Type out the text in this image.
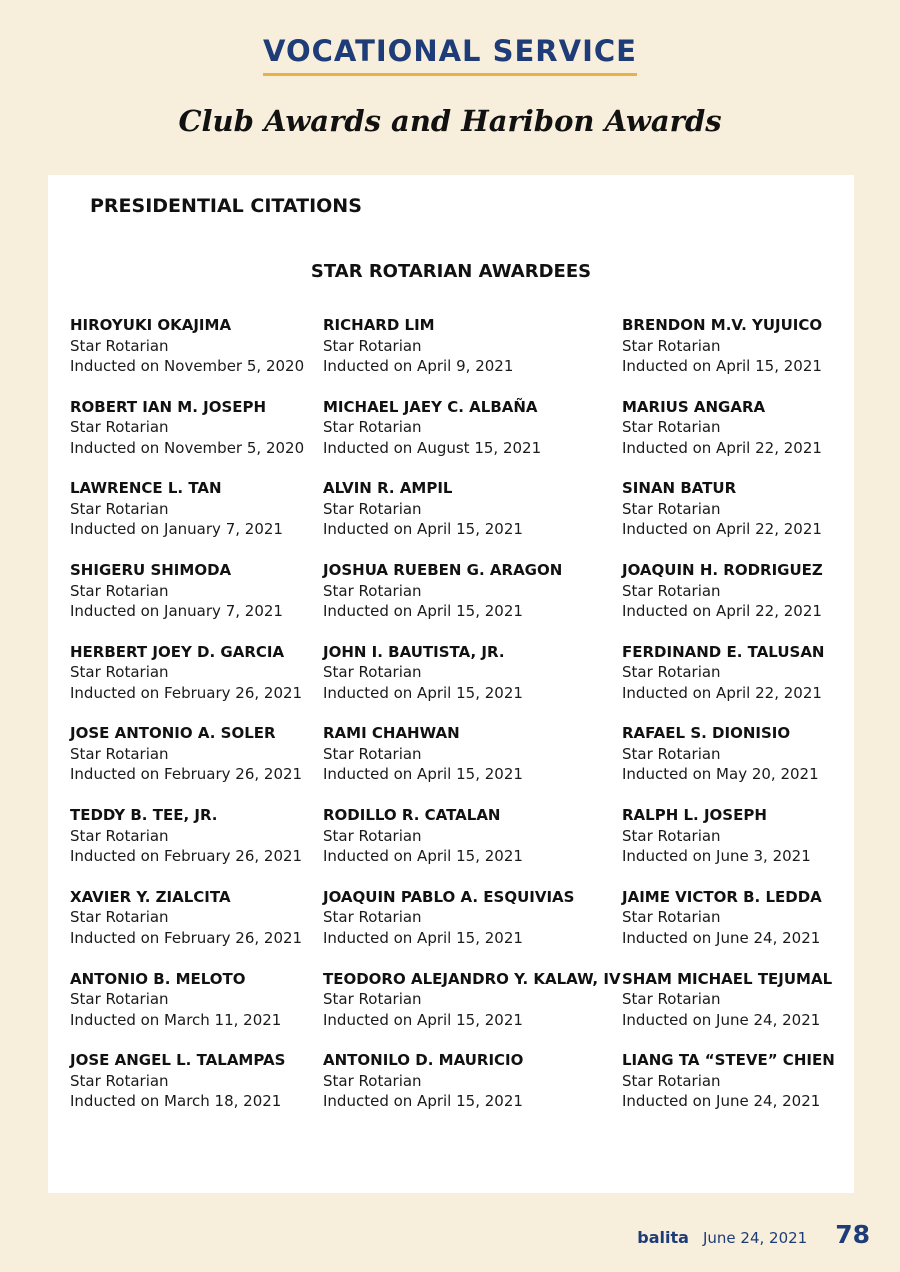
VOCATIONAL SERVICE
Club Awards and Haribon Awards
PRESIDENTIAL CITATIONS
STAR ROTARIAN AWARDEES
HIROYUKI OKAJIMA
Star Rotarian
Inducted on November 5, 2020
ROBERT IAN M. JOSEPH
Star Rotarian
Inducted on November 5, 2020
LAWRENCE L. TAN
Star Rotarian
Inducted on January 7, 2021
SHIGERU SHIMODA
Star Rotarian
Inducted on January 7, 2021
HERBERT JOEY D. GARCIA
Star Rotarian
Inducted on February 26, 2021
JOSE ANTONIO A. SOLER
Star Rotarian
Inducted on February 26, 2021
TEDDY B. TEE, JR.
Star Rotarian
Inducted on February 26, 2021
XAVIER Y. ZIALCITA
Star Rotarian
Inducted on February 26, 2021
ANTONIO B. MELOTO
Star Rotarian
Inducted on March 11, 2021
JOSE ANGEL L. TALAMPAS
Star Rotarian
Inducted on March 18, 2021
RICHARD LIM
Star Rotarian
Inducted on April 9, 2021
MICHAEL JAEY C. ALBAÑA
Star Rotarian
Inducted on August 15, 2021
ALVIN R. AMPIL
Star Rotarian
Inducted on April 15, 2021
JOSHUA RUEBEN G. ARAGON
Star Rotarian
Inducted on April 15, 2021
JOHN I. BAUTISTA, JR.
Star Rotarian
Inducted on April 15, 2021
RAMI CHAHWAN
Star Rotarian
Inducted on April 15, 2021
RODILLO R. CATALAN
Star Rotarian
Inducted on April 15, 2021
JOAQUIN PABLO A. ESQUIVIAS
Star Rotarian
Inducted on April 15, 2021
TEODORO ALEJANDRO Y. KALAW, IV
Star Rotarian
Inducted on April 15, 2021
ANTONILO D. MAURICIO
Star Rotarian
Inducted on April 15, 2021
BRENDON M.V. YUJUICO
Star Rotarian
Inducted on April 15, 2021
MARIUS ANGARA
Star Rotarian
Inducted on April 22, 2021
SINAN BATUR
Star Rotarian
Inducted on April 22, 2021
JOAQUIN H. RODRIGUEZ
Star Rotarian
Inducted on April 22, 2021
FERDINAND E. TALUSAN
Star Rotarian
Inducted on April 22, 2021
RAFAEL S. DIONISIO
Star Rotarian
Inducted on May 20, 2021
RALPH L. JOSEPH
Star Rotarian
Inducted on June 3, 2021
JAIME VICTOR B. LEDDA
Star Rotarian
Inducted on June 24, 2021
SHAM MICHAEL TEJUMAL
Star Rotarian
Inducted on June 24, 2021
LIANG TA “STEVE” CHIEN
Star Rotarian
Inducted on June 24, 2021
balita June 24, 2021 78
